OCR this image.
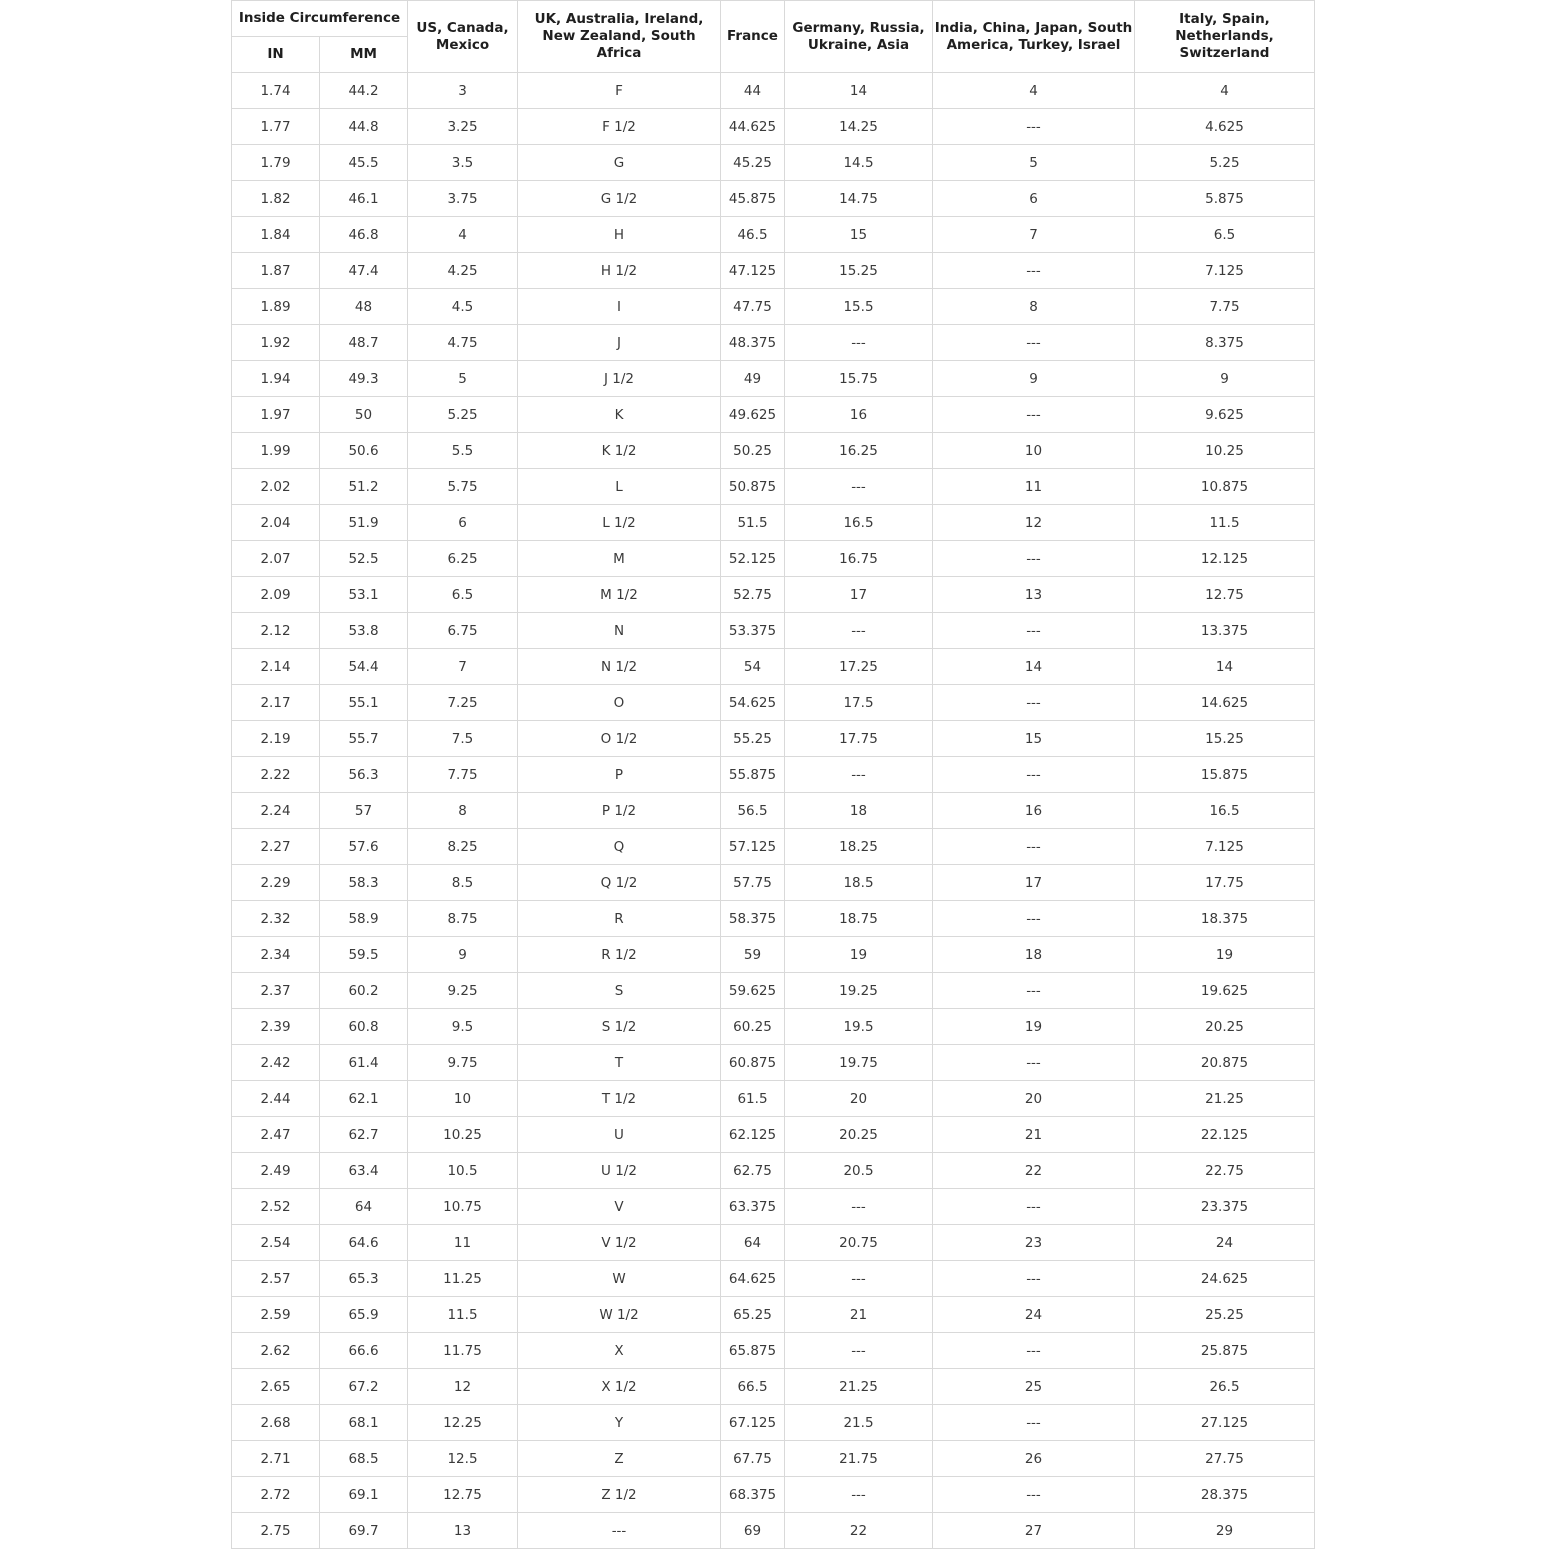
Inside Circumference		US, Canada, Mexico	UK, Australia, Ireland, New Zealand, South Africa	France	Germany, Russia, Ukraine, Asia	India, China, Japan, South America, Turkey, Israel	Italy, Spain, Netherlands, Switzerland
IN	MM						
1.74	44.2	3	F	44	14	4	4
1.77	44.8	3.25	F 1/2	44.625	14.25	---	4.625
1.79	45.5	3.5	G	45.25	14.5	5	5.25
1.82	46.1	3.75	G 1/2	45.875	14.75	6	5.875
1.84	46.8	4	H	46.5	15	7	6.5
1.87	47.4	4.25	H 1/2	47.125	15.25	---	7.125
1.89	48	4.5	I	47.75	15.5	8	7.75
1.92	48.7	4.75	J	48.375	---	---	8.375
1.94	49.3	5	J 1/2	49	15.75	9	9
1.97	50	5.25	K	49.625	16	---	9.625
1.99	50.6	5.5	K 1/2	50.25	16.25	10	10.25
2.02	51.2	5.75	L	50.875	---	11	10.875
2.04	51.9	6	L 1/2	51.5	16.5	12	11.5
2.07	52.5	6.25	M	52.125	16.75	---	12.125
2.09	53.1	6.5	M 1/2	52.75	17	13	12.75
2.12	53.8	6.75	N	53.375	---	---	13.375
2.14	54.4	7	N 1/2	54	17.25	14	14
2.17	55.1	7.25	O	54.625	17.5	---	14.625
2.19	55.7	7.5	O 1/2	55.25	17.75	15	15.25
2.22	56.3	7.75	P	55.875	---	---	15.875
2.24	57	8	P 1/2	56.5	18	16	16.5
2.27	57.6	8.25	Q	57.125	18.25	---	7.125
2.29	58.3	8.5	Q 1/2	57.75	18.5	17	17.75
2.32	58.9	8.75	R	58.375	18.75	---	18.375
2.34	59.5	9	R 1/2	59	19	18	19
2.37	60.2	9.25	S	59.625	19.25	---	19.625
2.39	60.8	9.5	S 1/2	60.25	19.5	19	20.25
2.42	61.4	9.75	T	60.875	19.75	---	20.875
2.44	62.1	10	T 1/2	61.5	20	20	21.25
2.47	62.7	10.25	U	62.125	20.25	21	22.125
2.49	63.4	10.5	U 1/2	62.75	20.5	22	22.75
2.52	64	10.75	V	63.375	---	---	23.375
2.54	64.6	11	V 1/2	64	20.75	23	24
2.57	65.3	11.25	W	64.625	---	---	24.625
2.59	65.9	11.5	W 1/2	65.25	21	24	25.25
2.62	66.6	11.75	X	65.875	---	---	25.875
2.65	67.2	12	X 1/2	66.5	21.25	25	26.5
2.68	68.1	12.25	Y	67.125	21.5	---	27.125
2.71	68.5	12.5	Z	67.75	21.75	26	27.75
2.72	69.1	12.75	Z 1/2	68.375	---	---	28.375
2.75	69.7	13	---	69	22	27	29
